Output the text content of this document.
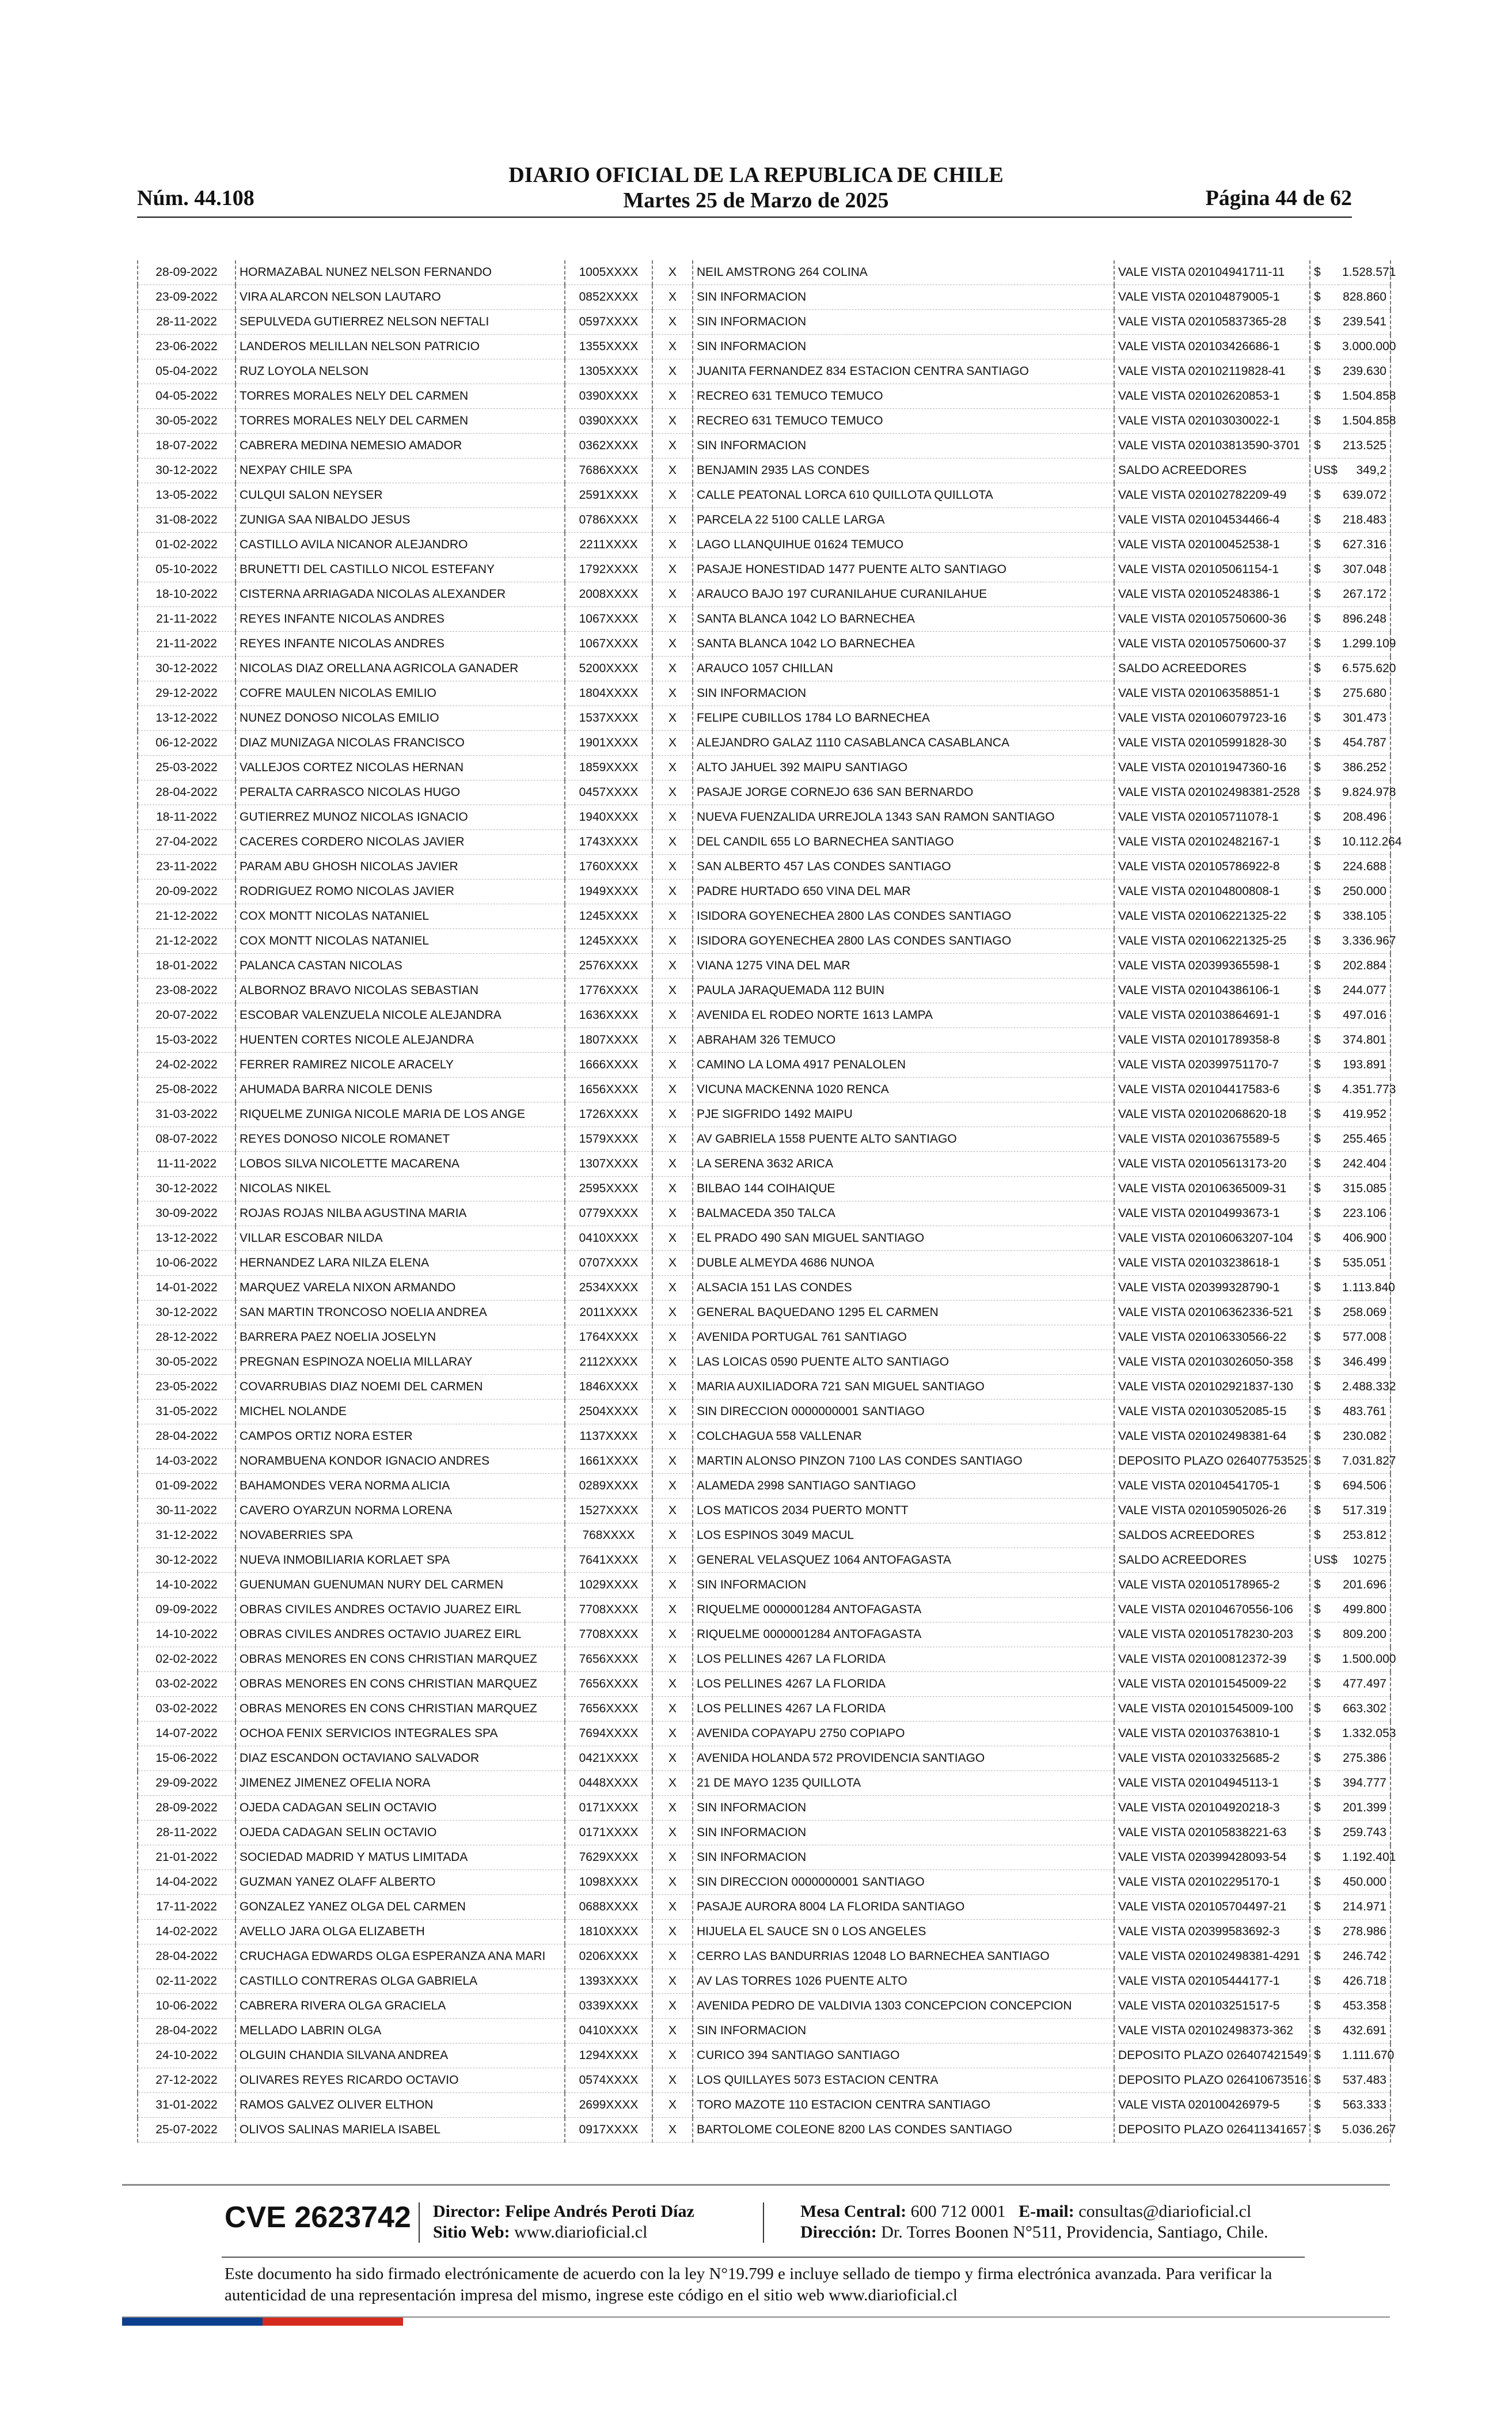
Núm. 44.108
DIARIO OFICIAL DE LA REPUBLICA DE CHILE
Martes 25 de Marzo de 2025	Página 44 de 62
28-09-2022	HORMAZABAL NUNEZ NELSON FERNANDO	1005XXXX	X	NEIL AMSTRONG 264 COLINA	VALE VISTA 020104941711-11	$	1.528.571
23-09-2022	VIRA ALARCON NELSON LAUTARO	0852XXXX	X	SIN INFORMACION	VALE VISTA 020104879005-1	$	828.860
28-11-2022	SEPULVEDA GUTIERREZ NELSON NEFTALI	0597XXXX	X	SIN INFORMACION	VALE VISTA 020105837365-28	$	239.541
23-06-2022	LANDEROS MELILLAN NELSON PATRICIO	1355XXXX	X	SIN INFORMACION	VALE VISTA 020103426686-1	$	3.000.000
05-04-2022	RUZ LOYOLA NELSON	1305XXXX	X	JUANITA FERNANDEZ 834 ESTACION CENTRA SANTIAGO	VALE VISTA 020102119828-41	$	239.630
04-05-2022	TORRES MORALES NELY DEL CARMEN	0390XXXX	X	RECREO 631 TEMUCO TEMUCO	VALE VISTA 020102620853-1	$	1.504.858
30-05-2022	TORRES MORALES NELY DEL CARMEN	0390XXXX	X	RECREO 631 TEMUCO TEMUCO	VALE VISTA 020103030022-1	$	1.504.858
18-07-2022	CABRERA MEDINA NEMESIO AMADOR	0362XXXX	X	SIN INFORMACION	VALE VISTA 020103813590-3701	$	213.525
30-12-2022	NEXPAY CHILE SPA	7686XXXX	X	BENJAMIN 2935 LAS CONDES	SALDO ACREEDORES	US$	349,2
13-05-2022	CULQUI SALON NEYSER	2591XXXX	X	CALLE PEATONAL LORCA 610 QUILLOTA QUILLOTA	VALE VISTA 020102782209-49	$	639.072
31-08-2022	ZUNIGA SAA NIBALDO JESUS	0786XXXX	X	PARCELA 22 5100 CALLE LARGA	VALE VISTA 020104534466-4	$	218.483
01-02-2022	CASTILLO AVILA NICANOR ALEJANDRO	2211XXXX	X	LAGO LLANQUIHUE 01624 TEMUCO	VALE VISTA 020100452538-1	$	627.316
05-10-2022	BRUNETTI DEL CASTILLO NICOL ESTEFANY	1792XXXX	X	PASAJE HONESTIDAD 1477 PUENTE ALTO SANTIAGO	VALE VISTA 020105061154-1	$	307.048
18-10-2022	CISTERNA ARRIAGADA NICOLAS ALEXANDER	2008XXXX	X	ARAUCO BAJO 197 CURANILAHUE CURANILAHUE	VALE VISTA 020105248386-1	$	267.172
21-11-2022	REYES INFANTE NICOLAS ANDRES	1067XXXX	X	SANTA BLANCA 1042 LO BARNECHEA	VALE VISTA 020105750600-36	$	896.248
21-11-2022	REYES INFANTE NICOLAS ANDRES	1067XXXX	X	SANTA BLANCA 1042 LO BARNECHEA	VALE VISTA 020105750600-37	$	1.299.109
30-12-2022	NICOLAS DIAZ ORELLANA AGRICOLA GANADER	5200XXXX	X	ARAUCO 1057 CHILLAN	SALDO ACREEDORES	$	6.575.620
29-12-2022	COFRE MAULEN NICOLAS EMILIO	1804XXXX	X	SIN INFORMACION	VALE VISTA 020106358851-1	$	275.680
13-12-2022	NUNEZ DONOSO NICOLAS EMILIO	1537XXXX	X	FELIPE CUBILLOS 1784 LO BARNECHEA	VALE VISTA 020106079723-16	$	301.473
06-12-2022	DIAZ MUNIZAGA NICOLAS FRANCISCO	1901XXXX	X	ALEJANDRO GALAZ 1110 CASABLANCA CASABLANCA	VALE VISTA 020105991828-30	$	454.787
25-03-2022	VALLEJOS CORTEZ NICOLAS HERNAN	1859XXXX	X	ALTO JAHUEL 392 MAIPU SANTIAGO	VALE VISTA 020101947360-16	$	386.252
28-04-2022	PERALTA CARRASCO NICOLAS HUGO	0457XXXX	X	PASAJE JORGE CORNEJO 636 SAN BERNARDO	VALE VISTA 020102498381-2528	$	9.824.978
18-11-2022	GUTIERREZ MUNOZ NICOLAS IGNACIO	1940XXXX	X	NUEVA FUENZALIDA URREJOLA 1343 SAN RAMON SANTIAGO	VALE VISTA 020105711078-1	$	208.496
27-04-2022	CACERES CORDERO NICOLAS JAVIER	1743XXXX	X	DEL CANDIL 655 LO BARNECHEA SANTIAGO	VALE VISTA 020102482167-1	$	10.112.264
23-11-2022	PARAM ABU GHOSH NICOLAS JAVIER	1760XXXX	X	SAN ALBERTO 457 LAS CONDES SANTIAGO	VALE VISTA 020105786922-8	$	224.688
20-09-2022	RODRIGUEZ ROMO NICOLAS JAVIER	1949XXXX	X	PADRE HURTADO 650 VINA DEL MAR	VALE VISTA 020104800808-1	$	250.000
21-12-2022	COX MONTT NICOLAS NATANIEL	1245XXXX	X	ISIDORA GOYENECHEA 2800 LAS CONDES SANTIAGO	VALE VISTA 020106221325-22	$	338.105
21-12-2022	COX MONTT NICOLAS NATANIEL	1245XXXX	X	ISIDORA GOYENECHEA 2800 LAS CONDES SANTIAGO	VALE VISTA 020106221325-25	$	3.336.967
18-01-2022	PALANCA CASTAN NICOLAS	2576XXXX	X	VIANA 1275 VINA DEL MAR	VALE VISTA 020399365598-1	$	202.884
23-08-2022	ALBORNOZ BRAVO NICOLAS SEBASTIAN	1776XXXX	X	PAULA JARAQUEMADA 112 BUIN	VALE VISTA 020104386106-1	$	244.077
20-07-2022	ESCOBAR VALENZUELA NICOLE ALEJANDRA	1636XXXX	X	AVENIDA EL RODEO NORTE 1613 LAMPA	VALE VISTA 020103864691-1	$	497.016
15-03-2022	HUENTEN CORTES NICOLE ALEJANDRA	1807XXXX	X	ABRAHAM 326 TEMUCO	VALE VISTA 020101789358-8	$	374.801
24-02-2022	FERRER RAMIREZ NICOLE ARACELY	1666XXXX	X	CAMINO LA LOMA 4917 PENALOLEN	VALE VISTA 020399751170-7	$	193.891
25-08-2022	AHUMADA BARRA NICOLE DENIS	1656XXXX	X	VICUNA MACKENNA 1020 RENCA	VALE VISTA 020104417583-6	$	4.351.773
31-03-2022	RIQUELME ZUNIGA NICOLE MARIA DE LOS ANGE	1726XXXX	X	PJE SIGFRIDO 1492 MAIPU	VALE VISTA 020102068620-18	$	419.952
08-07-2022	REYES DONOSO NICOLE ROMANET	1579XXXX	X	AV GABRIELA 1558 PUENTE ALTO SANTIAGO	VALE VISTA 020103675589-5	$	255.465
11-11-2022	LOBOS SILVA NICOLETTE MACARENA	1307XXXX	X	LA SERENA 3632 ARICA	VALE VISTA 020105613173-20	$	242.404
30-12-2022	NICOLAS NIKEL	2595XXXX	X	BILBAO 144 COIHAIQUE	VALE VISTA 020106365009-31	$	315.085
30-09-2022	ROJAS ROJAS NILBA AGUSTINA MARIA	0779XXXX	X	BALMACEDA 350 TALCA	VALE VISTA 020104993673-1	$	223.106
13-12-2022	VILLAR ESCOBAR NILDA	0410XXXX	X	EL PRADO 490 SAN MIGUEL SANTIAGO	VALE VISTA 020106063207-104	$	406.900
10-06-2022	HERNANDEZ LARA NILZA ELENA	0707XXXX	X	DUBLE ALMEYDA 4686 NUNOA	VALE VISTA 020103238618-1	$	535.051
14-01-2022	MARQUEZ VARELA NIXON ARMANDO	2534XXXX	X	ALSACIA 151 LAS CONDES	VALE VISTA 020399328790-1	$	1.113.840
30-12-2022	SAN MARTIN TRONCOSO NOELIA ANDREA	2011XXXX	X	GENERAL BAQUEDANO 1295 EL CARMEN	VALE VISTA 020106362336-521	$	258.069
28-12-2022	BARRERA PAEZ NOELIA JOSELYN	1764XXXX	X	AVENIDA PORTUGAL 761 SANTIAGO	VALE VISTA 020106330566-22	$	577.008
30-05-2022	PREGNAN ESPINOZA NOELIA MILLARAY	2112XXXX	X	LAS LOICAS 0590 PUENTE ALTO SANTIAGO	VALE VISTA 020103026050-358	$	346.499
23-05-2022	COVARRUBIAS DIAZ NOEMI DEL CARMEN	1846XXXX	X	MARIA AUXILIADORA 721 SAN MIGUEL SANTIAGO	VALE VISTA 020102921837-130	$	2.488.332
31-05-2022	MICHEL NOLANDE	2504XXXX	X	SIN DIRECCION 0000000001 SANTIAGO	VALE VISTA 020103052085-15	$	483.761
28-04-2022	CAMPOS ORTIZ NORA ESTER	1137XXXX	X	COLCHAGUA 558 VALLENAR	VALE VISTA 020102498381-64	$	230.082
14-03-2022	NORAMBUENA KONDOR IGNACIO ANDRES	1661XXXX	X	MARTIN ALONSO PINZON 7100 LAS CONDES SANTIAGO	DEPOSITO PLAZO 026407753525	$	7.031.827
01-09-2022	BAHAMONDES VERA NORMA ALICIA	0289XXXX	X	ALAMEDA 2998 SANTIAGO SANTIAGO	VALE VISTA 020104541705-1	$	694.506
30-11-2022	CAVERO OYARZUN NORMA LORENA	1527XXXX	X	LOS MATICOS 2034 PUERTO MONTT	VALE VISTA 020105905026-26	$	517.319
31-12-2022	NOVABERRIES SPA	768XXXX	X	LOS ESPINOS 3049 MACUL	SALDOS ACREEDORES	$	253.812
30-12-2022	NUEVA INMOBILIARIA KORLAET SPA	7641XXXX	X	GENERAL VELASQUEZ 1064 ANTOFAGASTA	SALDO ACREEDORES	US$	10275
14-10-2022	GUENUMAN GUENUMAN NURY DEL CARMEN	1029XXXX	X	SIN INFORMACION	VALE VISTA 020105178965-2	$	201.696
09-09-2022	OBRAS CIVILES ANDRES OCTAVIO JUAREZ EIRL	7708XXXX	X	RIQUELME 0000001284 ANTOFAGASTA	VALE VISTA 020104670556-106	$	499.800
14-10-2022	OBRAS CIVILES ANDRES OCTAVIO JUAREZ EIRL	7708XXXX	X	RIQUELME 0000001284 ANTOFAGASTA	VALE VISTA 020105178230-203	$	809.200
02-02-2022	OBRAS MENORES EN CONS CHRISTIAN MARQUEZ	7656XXXX	X	LOS PELLINES 4267 LA FLORIDA	VALE VISTA 020100812372-39	$	1.500.000
03-02-2022	OBRAS MENORES EN CONS CHRISTIAN MARQUEZ	7656XXXX	X	LOS PELLINES 4267 LA FLORIDA	VALE VISTA 020101545009-22	$	477.497
03-02-2022	OBRAS MENORES EN CONS CHRISTIAN MARQUEZ	7656XXXX	X	LOS PELLINES 4267 LA FLORIDA	VALE VISTA 020101545009-100	$	663.302
14-07-2022	OCHOA FENIX SERVICIOS INTEGRALES SPA	7694XXXX	X	AVENIDA COPAYAPU 2750 COPIAPO	VALE VISTA 020103763810-1	$	1.332.053
15-06-2022	DIAZ ESCANDON OCTAVIANO SALVADOR	0421XXXX	X	AVENIDA HOLANDA 572 PROVIDENCIA SANTIAGO	VALE VISTA 020103325685-2	$	275.386
29-09-2022	JIMENEZ JIMENEZ OFELIA NORA	0448XXXX	X	21 DE MAYO 1235 QUILLOTA	VALE VISTA 020104945113-1	$	394.777
28-09-2022	OJEDA CADAGAN SELIN OCTAVIO	0171XXXX	X	SIN INFORMACION	VALE VISTA 020104920218-3	$	201.399
28-11-2022	OJEDA CADAGAN SELIN OCTAVIO	0171XXXX	X	SIN INFORMACION	VALE VISTA 020105838221-63	$	259.743
21-01-2022	SOCIEDAD MADRID Y MATUS LIMITADA	7629XXXX	X	SIN INFORMACION	VALE VISTA 020399428093-54	$	1.192.401
14-04-2022	GUZMAN YANEZ OLAFF ALBERTO	1098XXXX	X	SIN DIRECCION 0000000001 SANTIAGO	VALE VISTA 020102295170-1	$	450.000
17-11-2022	GONZALEZ YANEZ OLGA DEL CARMEN	0688XXXX	X	PASAJE AURORA 8004 LA FLORIDA SANTIAGO	VALE VISTA 020105704497-21	$	214.971
14-02-2022	AVELLO JARA OLGA ELIZABETH	1810XXXX	X	HIJUELA EL SAUCE SN 0 LOS ANGELES	VALE VISTA 020399583692-3	$	278.986
28-04-2022	CRUCHAGA EDWARDS OLGA ESPERANZA ANA MARI	0206XXXX	X	CERRO LAS BANDURRIAS 12048 LO BARNECHEA SANTIAGO	VALE VISTA 020102498381-4291	$	246.742
02-11-2022	CASTILLO CONTRERAS OLGA GABRIELA	1393XXXX	X	AV LAS TORRES 1026 PUENTE ALTO	VALE VISTA 020105444177-1	$	426.718
10-06-2022	CABRERA RIVERA OLGA GRACIELA	0339XXXX	X	AVENIDA PEDRO DE VALDIVIA 1303 CONCEPCION CONCEPCION	VALE VISTA 020103251517-5	$	453.358
28-04-2022	MELLADO LABRIN OLGA	0410XXXX	X	SIN INFORMACION	VALE VISTA 020102498373-362	$	432.691
24-10-2022	OLGUIN CHANDIA SILVANA ANDREA	1294XXXX	X	CURICO 394 SANTIAGO SANTIAGO	DEPOSITO PLAZO 026407421549	$	1.111.670
27-12-2022	OLIVARES REYES RICARDO OCTAVIO	0574XXXX	X	LOS QUILLAYES 5073 ESTACION CENTRA	DEPOSITO PLAZO 026410673516	$	537.483
31-01-2022	RAMOS GALVEZ OLIVER ELTHON	2699XXXX	X	TORO MAZOTE 110 ESTACION CENTRA SANTIAGO	VALE VISTA 020100426979-5	$	563.333
25-07-2022	OLIVOS SALINAS MARIELA ISABEL	0917XXXX	X	BARTOLOME COLEONE 8200 LAS CONDES SANTIAGO	DEPOSITO PLAZO 026411341657	$	5.036.267
CVE 2623742 Director: Felipe Andrés Peroti Díaz
Sitio Web: www.diarioficial.cl
Mesa Central: 600 712 0001 E-mail: consultas@diarioficial.cl
Dirección: Dr. Torres Boonen N°511, Providencia, Santiago, Chile.
Este documento ha sido firmado electrónicamente de acuerdo con la ley N°19.799 e incluye sellado de tiempo y firma electrónica avanzada. Para verificar la autenticidad de una representación impresa del mismo, ingrese este código en el sitio web www.diarioficial.cl
